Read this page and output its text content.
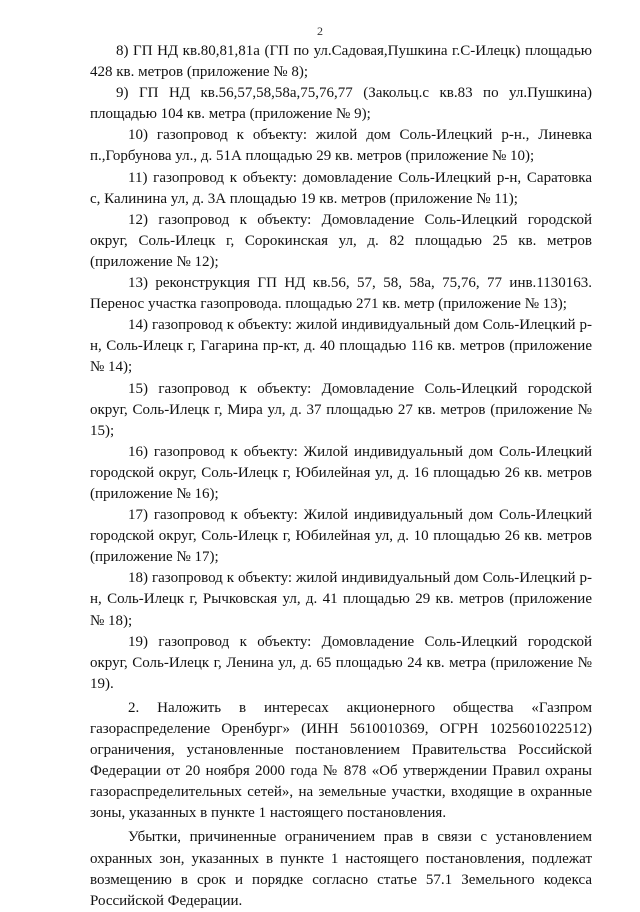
2

8) ГП НД кв.80,81,81а (ГП по ул.Садовая,Пушкина г.С-Илецк) площадью 428 кв. метров (приложение № 8);

9) ГП НД кв.56,57,58,58а,75,76,77 (Закольц.с кв.83 по ул.Пушкина) площадью 104 кв. метра (приложение № 9);

10) газопровод к объекту: жилой дом Соль-Илецкий р-н., Линевка п.,Горбунова ул., д. 51А площадью 29 кв. метров (приложение № 10);

11) газопровод к объекту: домовладение Соль-Илецкий р-н, Саратовка с, Калинина ул, д. 3А площадью 19 кв. метров (приложение № 11);

12) газопровод к объекту: Домовладение Соль-Илецкий городской округ, Соль-Илецк г, Сорокинская ул, д. 82 площадью 25 кв. метров (приложение № 12);

13) реконструкция ГП НД кв.56, 57, 58, 58а, 75,76, 77 инв.1130163. Перенос участка газопровода. площадью 271 кв. метр (приложение № 13);

14) газопровод к объекту: жилой индивидуальный дом Соль-Илецкий р-н, Соль-Илецк г, Гагарина пр-кт, д. 40 площадью 116 кв. метров (приложение № 14);

15) газопровод к объекту: Домовладение Соль-Илецкий городской округ, Соль-Илецк г, Мира ул, д. 37 площадью 27 кв. метров (приложение № 15);

16) газопровод к объекту: Жилой индивидуальный дом Соль-Илецкий городской округ, Соль-Илецк г, Юбилейная ул, д. 16 площадью 26 кв. метров (приложение № 16);

17) газопровод к объекту: Жилой индивидуальный дом Соль-Илецкий городской округ, Соль-Илецк г, Юбилейная ул, д. 10 площадью 26 кв. метров (приложение № 17);

18) газопровод к объекту: жилой индивидуальный дом Соль-Илецкий р-н, Соль-Илецк г, Рычковская ул, д. 41 площадью 29 кв. метров (приложение № 18);

19) газопровод к объекту: Домовладение Соль-Илецкий городской округ, Соль-Илецк г, Ленина ул, д. 65 площадью 24 кв. метра (приложение № 19).

2. Наложить в интересах акционерного общества «Газпром газораспределение Оренбург» (ИНН 5610010369, ОГРН 1025601022512) ограничения, установленные постановлением Правительства Российской Федерации от 20 ноября 2000 года № 878 «Об утверждении Правил охраны газораспределительных сетей», на земельные участки, входящие в охранные зоны, указанных в пункте 1 настоящего постановления.

Убытки, причиненные ограничением прав в связи с установлением охранных зон, указанных в пункте 1 настоящего постановления, подлежат возмещению в срок и порядке согласно статье 57.1 Земельного кодекса Российской Федерации.
